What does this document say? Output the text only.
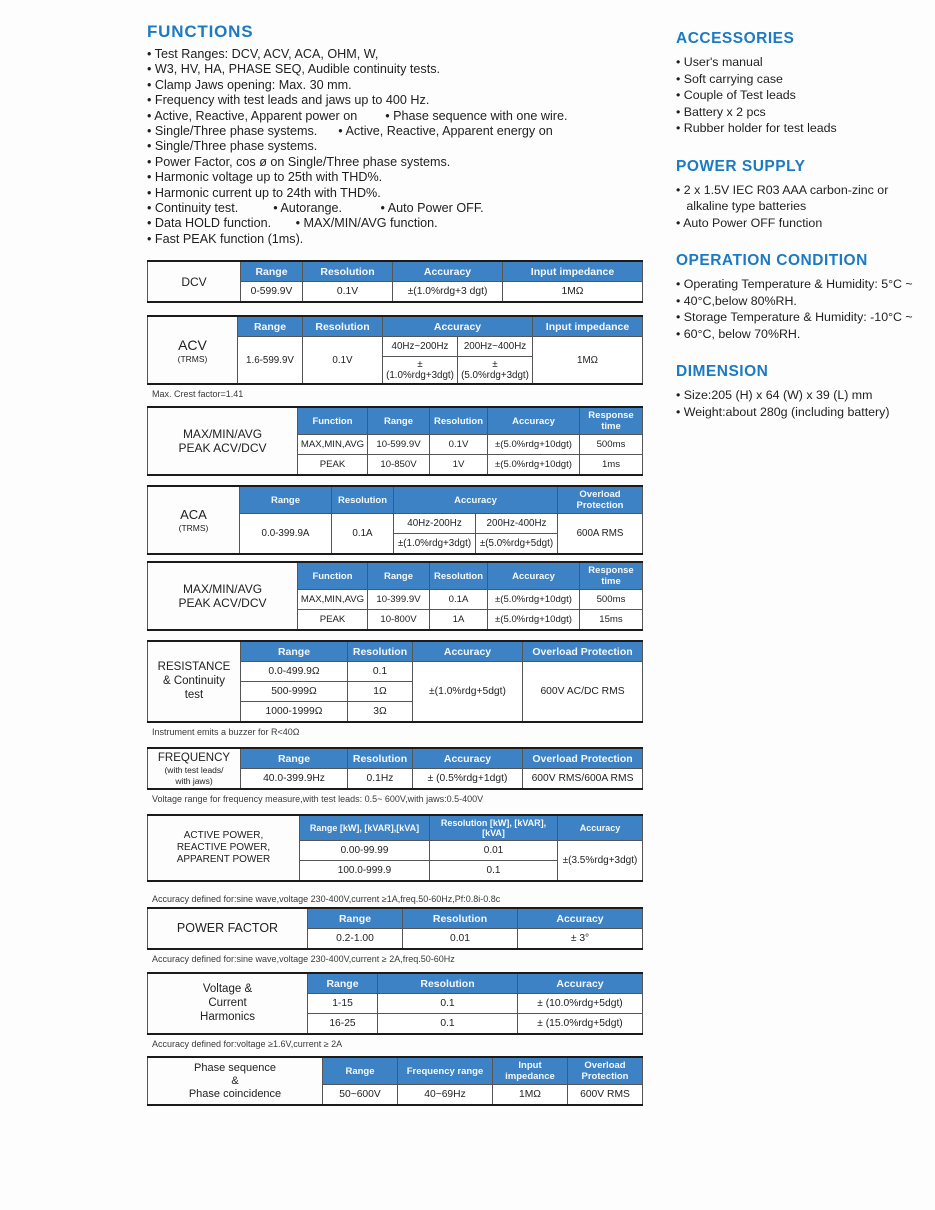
FUNCTIONS
• Test Ranges: DCV, ACV, ACA, OHM, W,
• W3, HV, HA, PHASE SEQ, Audible continuity tests.
• Clamp Jaws opening: Max. 30 mm.
• Frequency with test leads and jaws up to 400 Hz.
• Active, Reactive, Apparent power on        • Phase sequence with one wire.
• Single/Three phase systems.      • Active, Reactive, Apparent energy on
• Single/Three phase systems.
• Power Factor, cos ø on Single/Three phase systems.
• Harmonic voltage up to 25th with THD%.
• Harmonic current up to 24th with THD%.
• Continuity test.          • Autorange.           • Auto Power OFF.
• Data HOLD function.       • MAX/MIN/AVG function.
• Fast PEAK function (1ms).
DCV	Range	Resolution	Accuracy	Input impedance
	0-599.9V	0.1V	±(1.0%rdg+3 dgt)	1MΩ
ACV
(TRMS)	Range	Resolution	Accuracy		Input impedance
	1.6-599.9V	0.1V	40Hz~200Hz	200Hz~400Hz	1MΩ
			±(1.0%rdg+3dgt)	±(5.0%rdg+3dgt)	
Max. Crest factor=1.41
MAX/MIN/AVG
PEAK ACV/DCV	Function	Range	Resolution	Accuracy	Response time
	MAX,MIN,AVG	10-599.9V	0.1V	±(5.0%rdg+10dgt)	500ms
	PEAK	10-850V	1V	±(5.0%rdg+10dgt)	1ms
ACA
(TRMS)	Range	Resolution	Accuracy		Overload Protection
	0.0-399.9A	0.1A	40Hz-200Hz	200Hz-400Hz	600A RMS
			±(1.0%rdg+3dgt)	±(5.0%rdg+5dgt)	
MAX/MIN/AVG
PEAK ACV/DCV	Function	Range	Resolution	Accuracy	Response time
	MAX,MIN,AVG	10-399.9V	0.1A	±(5.0%rdg+10dgt)	500ms
	PEAK	10-800V	1A	±(5.0%rdg+10dgt)	15ms
RESISTANCE
& Continuity
test	Range	Resolution	Accuracy	Overload Protection
	0.0-499.9Ω	0.1	±(1.0%rdg+5dgt)	600V AC/DC RMS
	500-999Ω	1Ω		
	1000-1999Ω	3Ω		
Instrument emits a buzzer for R<40Ω
FREQUENCY
(with test leads/
with jaws)	Range	Resolution	Accuracy	Overload Protection
	40.0-399.9Hz	0.1Hz	± (0.5%rdg+1dgt)	600V RMS/600A RMS
Voltage range for frequency measure,with test leads: 0.5~ 600V,with jaws:0.5-400V
ACTIVE POWER,
REACTIVE POWER,
APPARENT POWER	Range [kW], [kVAR],[kVA]	Resolution [kW], [kVAR],[kVA]	Accuracy
	0.00-99.99	0.01	±(3.5%rdg+3dgt)
	100.0-999.9	0.1	
Accuracy defined for:sine wave,voltage 230-400V,current ≥1A,freq.50-60Hz,Pf:0.8i-0.8c
POWER FACTOR	Range	Resolution	Accuracy
	0.2-1.00	0.01	± 3°
Accuracy defined for:sine wave,voltage 230-400V,current ≥ 2A,freq.50-60Hz
Voltage &
Current
Harmonics	Range	Resolution	Accuracy
	1-15	0.1	± (10.0%rdg+5dgt)
	16-25	0.1	± (15.0%rdg+5dgt)
Accuracy defined for:voltage ≥1.6V,current ≥ 2A
Phase sequence
&
Phase coincidence	Range	Frequency range	Input impedance	Overload Protection
	50~600V	40~69Hz	1MΩ	600V RMS
ACCESSORIES
• User's manual
• Soft carrying case
• Couple of Test leads
• Battery x 2 pcs
• Rubber holder for test leads
POWER SUPPLY
• 2 x 1.5V IEC R03 AAA carbon-zinc or
alkaline type batteries
• Auto Power OFF function
OPERATION CONDITION
• Operating Temperature & Humidity: 5°C ~
• 40°C,below 80%RH.
• Storage Temperature & Humidity: -10°C ~
• 60°C, below 70%RH.
DIMENSION
• Size:205 (H) x 64 (W) x 39 (L) mm
• Weight:about 280g (including battery)
